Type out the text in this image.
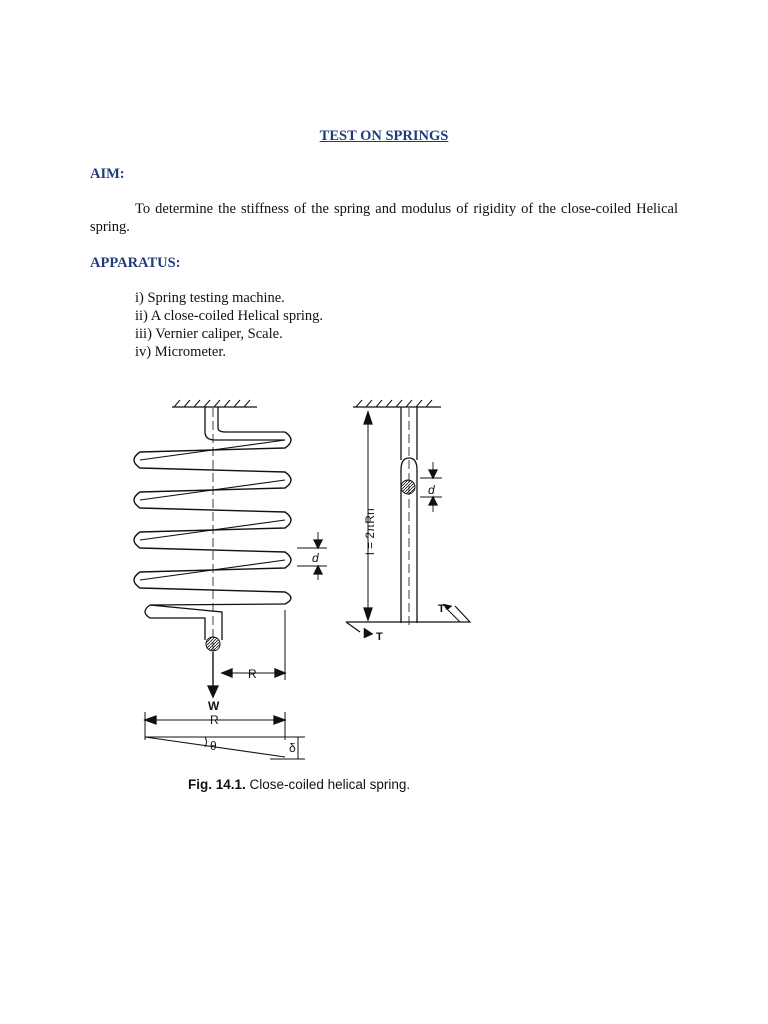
TEST ON SPRINGS
AIM:
To determine the stiffness of the spring and modulus of rigidity of the close-coiled Helical spring.
APPARATUS:
i) Spring testing machine.
ii) A close-coiled Helical spring.
iii) Vernier caliper, Scale.
iv) Micrometer.
d
d
R
W
R
θ	δ
l = 2πRn
T
T
Fig. 14.1. Close-coiled helical spring.
